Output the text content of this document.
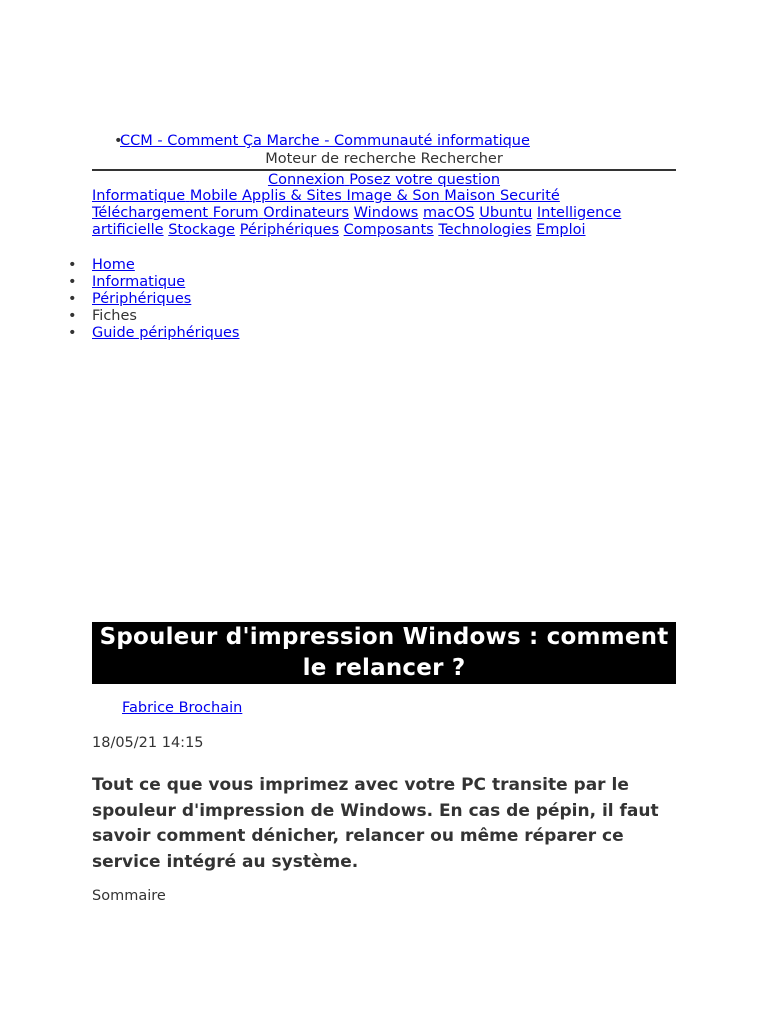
• CCM - Comment Ça Marche - Communauté informatique
Moteur de recherche Rechercher
Connexion Posez votre question
Informatique Mobile Applis & Sites Image & Son Maison Securité
Téléchargement Forum Ordinateurs Windows macOS Ubuntu Intelligence artificielle Stockage Périphériques Composants Technologies Emploi
• Home
• Informatique
• Périphériques
• Fiches
• Guide périphériques
Spouleur d'impression Windows : comment le relancer ?
Fabrice Brochain
18/05/21 14:15

Tout ce que vous imprimez avec votre PC transite par le spouleur d'impression de Windows. En cas de pépin, il faut savoir comment dénicher, relancer ou même réparer ce service intégré au système.

Sommaire
